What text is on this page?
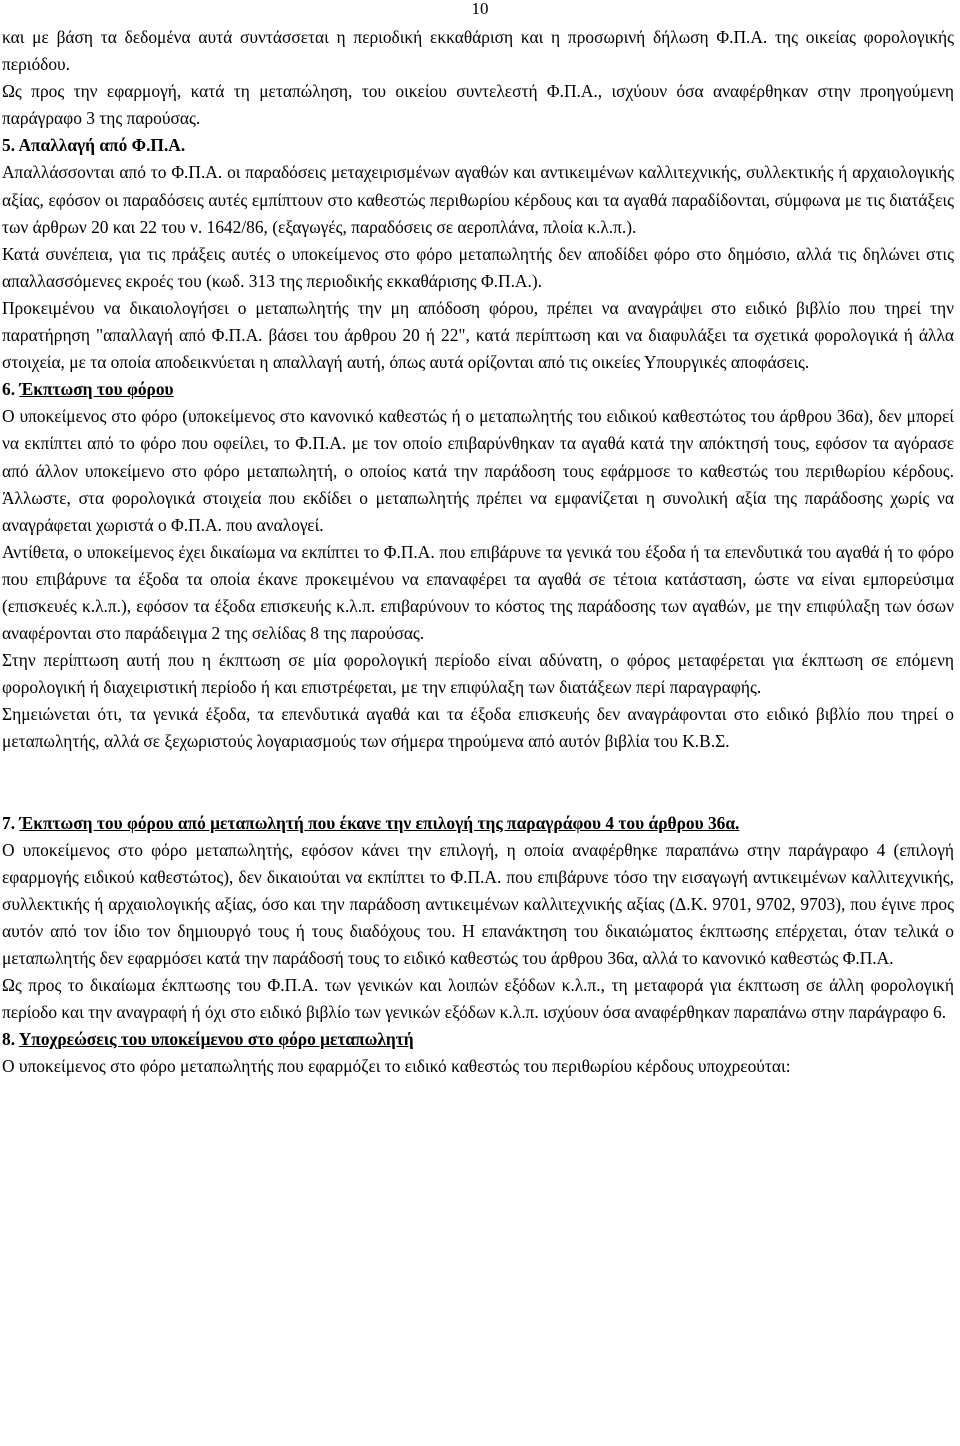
10

και με βάση τα δεδομένα αυτά συντάσσεται η περιοδική εκκαθάριση και η προσωρινή δήλωση Φ.Π.Α. της οικείας φορολογικής περιόδου.

Ως προς την εφαρμογή, κατά τη μεταπώληση, του οικείου συντελεστή Φ.Π.Α., ισχύουν όσα αναφέρθηκαν στην προηγούμενη παράγραφο 3 της παρούσας.

5. Απαλλαγή από Φ.Π.Α.

Απαλλάσσονται από το Φ.Π.Α. οι παραδόσεις μεταχειρισμένων αγαθών και αντικειμένων καλλιτεχνικής, συλλεκτικής ή αρχαιολογικής αξίας, εφόσον οι παραδόσεις αυτές εμπίπτουν στο καθεστώς περιθωρίου κέρδους και τα αγαθά παραδίδονται, σύμφωνα με τις διατάξεις των άρθρων 20 και 22 του ν. 1642/86, (εξαγωγές, παραδόσεις σε αεροπλάνα, πλοία κ.λ.π.).

Κατά συνέπεια, για τις πράξεις αυτές ο υποκείμενος στο φόρο μεταπωλητής δεν αποδίδει φόρο στο δημόσιο, αλλά τις δηλώνει στις απαλλασσόμενες εκροές του (κωδ. 313 της περιοδικής εκκαθάρισης Φ.Π.Α.).

Προκειμένου να δικαιολογήσει ο μεταπωλητής την μη απόδοση φόρου, πρέπει να αναγράψει στο ειδικό βιβλίο που τηρεί την παρατήρηση "απαλλαγή από Φ.Π.Α. βάσει του άρθρου 20 ή 22", κατά περίπτωση και να διαφυλάξει τα σχετικά φορολογικά ή άλλα στοιχεία, με τα οποία αποδεικνύεται η απαλλαγή αυτή, όπως αυτά ορίζονται από τις οικείες Υπουργικές αποφάσεις.

6. Έκπτωση του φόρου

Ο υποκείμενος στο φόρο (υποκείμενος στο κανονικό καθεστώς ή ο μεταπωλητής του ειδικού καθεστώτος του άρθρου 36α), δεν μπορεί να εκπίπτει από το φόρο που οφείλει, το Φ.Π.Α. με τον οποίο επιβαρύνθηκαν τα αγαθά κατά την απόκτησή τους, εφόσον τα αγόρασε από άλλον υποκείμενο στο φόρο μεταπωλητή, ο οποίος κατά την παράδοση τους εφάρμοσε το καθεστώς του περιθωρίου κέρδους. Άλλωστε, στα φορολογικά στοιχεία που εκδίδει ο μεταπωλητής πρέπει να εμφανίζεται η συνολική αξία της παράδοσης χωρίς να αναγράφεται χωριστά ο Φ.Π.Α. που αναλογεί.

Αντίθετα, ο υποκείμενος έχει δικαίωμα να εκπίπτει το Φ.Π.Α. που επιβάρυνε τα γενικά του έξοδα ή τα επενδυτικά του αγαθά ή το φόρο που επιβάρυνε τα έξοδα τα οποία έκανε προκειμένου να επαναφέρει τα αγαθά σε τέτοια κατάσταση, ώστε να είναι εμπορεύσιμα (επισκευές κ.λ.π.), εφόσον τα έξοδα επισκευής κ.λ.π. επιβαρύνουν το κόστος της παράδοσης των αγαθών, με την επιφύλαξη των όσων αναφέρονται στο παράδειγμα 2 της σελίδας 8 της παρούσας.

Στην περίπτωση αυτή που η έκπτωση σε μία φορολογική περίοδο είναι αδύνατη, ο φόρος μεταφέρεται για έκπτωση σε επόμενη φορολογική ή διαχειριστική περίοδο ή και επιστρέφεται, με την επιφύλαξη των διατάξεων περί παραγραφής.

Σημειώνεται ότι, τα γενικά έξοδα, τα επενδυτικά αγαθά και τα έξοδα επισκευής δεν αναγράφονται στο ειδικό βιβλίο που τηρεί ο μεταπωλητής, αλλά σε ξεχωριστούς λογαριασμούς των σήμερα τηρούμενα από αυτόν βιβλία του Κ.Β.Σ.

7. Έκπτωση του φόρου από μεταπωλητή που έκανε την επιλογή της παραγράφου 4 του άρθρου 36α.

Ο υποκείμενος στο φόρο μεταπωλητής, εφόσον κάνει την επιλογή, η οποία αναφέρθηκε παραπάνω στην παράγραφο 4 (επιλογή εφαρμογής ειδικού καθεστώτος), δεν δικαιούται να εκπίπτει το Φ.Π.Α. που επιβάρυνε τόσο την εισαγωγή αντικειμένων καλλιτεχνικής, συλλεκτικής ή αρχαιολογικής αξίας, όσο και την παράδοση αντικειμένων καλλιτεχνικής αξίας (Δ.Κ. 9701, 9702, 9703), που έγινε προς αυτόν από τον ίδιο τον δημιουργό τους ή τους διαδόχους του. Η επανάκτηση του δικαιώματος έκπτωσης επέρχεται, όταν τελικά ο μεταπωλητής δεν εφαρμόσει κατά την παράδοσή τους το ειδικό καθεστώς του άρθρου 36α, αλλά το κανονικό καθεστώς Φ.Π.Α.

Ως προς το δικαίωμα έκπτωσης του Φ.Π.Α. των γενικών και λοιπών εξόδων κ.λ.π., τη μεταφορά για έκπτωση σε άλλη φορολογική περίοδο και την αναγραφή ή όχι στο ειδικό βιβλίο των γενικών εξόδων κ.λ.π. ισχύουν όσα αναφέρθηκαν παραπάνω στην παράγραφο 6.

8. Υποχρεώσεις του υποκείμενου στο φόρο μεταπωλητή

Ο υποκείμενος στο φόρο μεταπωλητής που εφαρμόζει το ειδικό καθεστώς του περιθωρίου κέρδους υποχρεούται:
